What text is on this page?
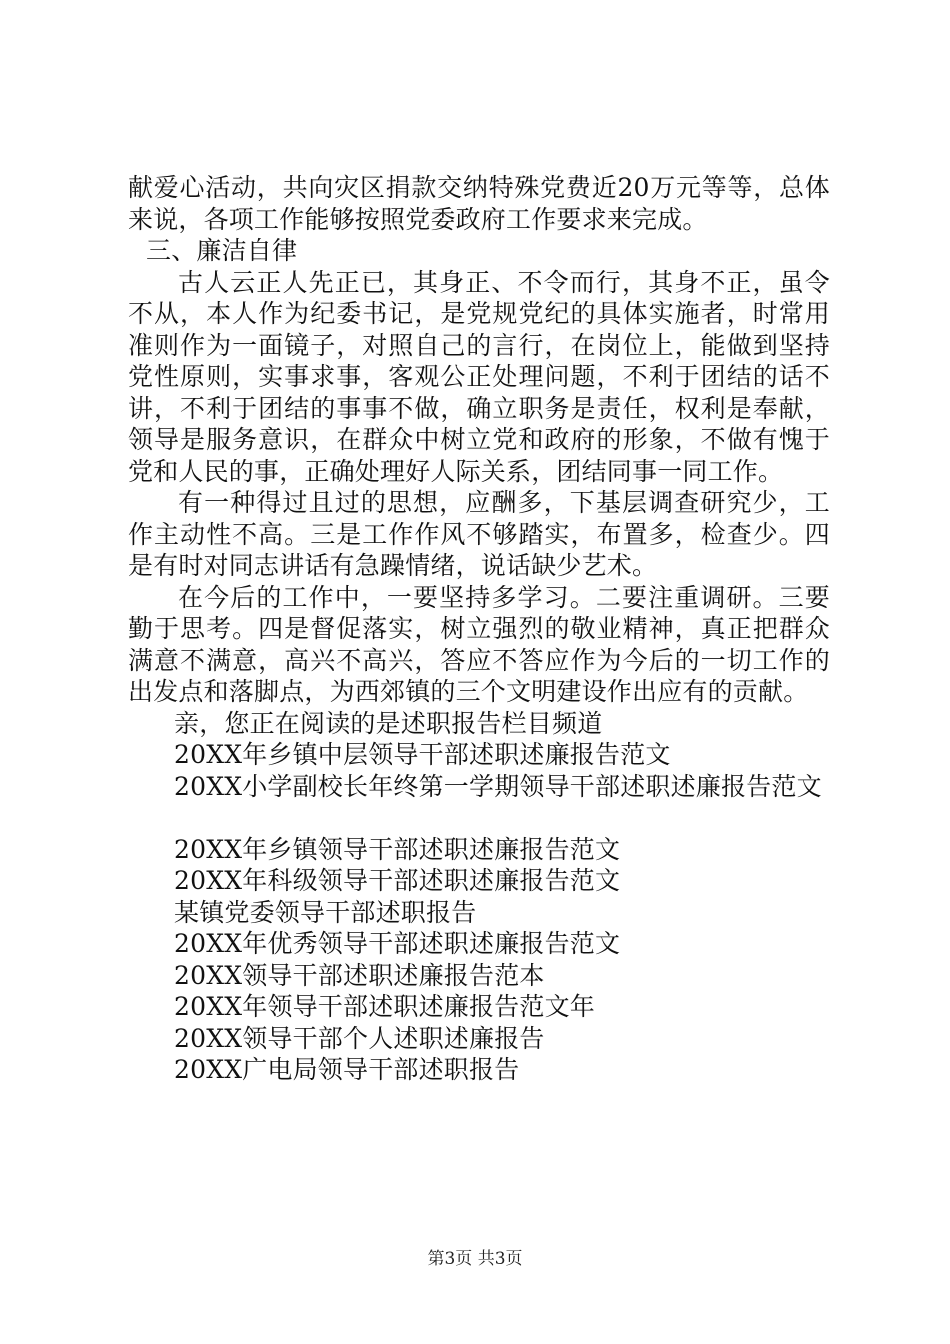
献爱心活动，共向灾区捐款交纳特殊党费近20万元等等，总体来说，各项工作能够按照党委政府工作要求来完成。

三、廉洁自律

古人云正人先正已，其身正、不令而行，其身不正，虽令不从，本人作为纪委书记，是党规党纪的具体实施者，时常用准则作为一面镜子，对照自己的言行，在岗位上，能做到坚持党性原则，实事求事，客观公正处理问题，不利于团结的话不讲，不利于团结的事事不做，确立职务是责任，权利是奉献，领导是服务意识，在群众中树立党和政府的形象，不做有愧于党和人民的事，正确处理好人际关系，团结同事一同工作。

有一种得过且过的思想，应酬多，下基层调查研究少，工作主动性不高。三是工作作风不够踏实，布置多，检查少。四是有时对同志讲话有急躁情绪，说话缺少艺术。

在今后的工作中，一要坚持多学习。二要注重调研。三要勤于思考。四是督促落实，树立强烈的敬业精神，真正把群众满意不满意，高兴不高兴，答应不答应作为今后的一切工作的出发点和落脚点，为西郊镇的三个文明建设作出应有的贡献。

亲，您正在阅读的是述职报告栏目频道

20XX年乡镇中层领导干部述职述廉报告范文

20XX小学副校长年终第一学期领导干部述职述廉报告范文

20XX年乡镇领导干部述职述廉报告范文

20XX年科级领导干部述职述廉报告范文

某镇党委领导干部述职报告

20XX年优秀领导干部述职述廉报告范文

20XX领导干部述职述廉报告范本

20XX年领导干部述职述廉报告范文年

20XX领导干部个人述职述廉报告

20XX广电局领导干部述职报告

第3页 共3页
